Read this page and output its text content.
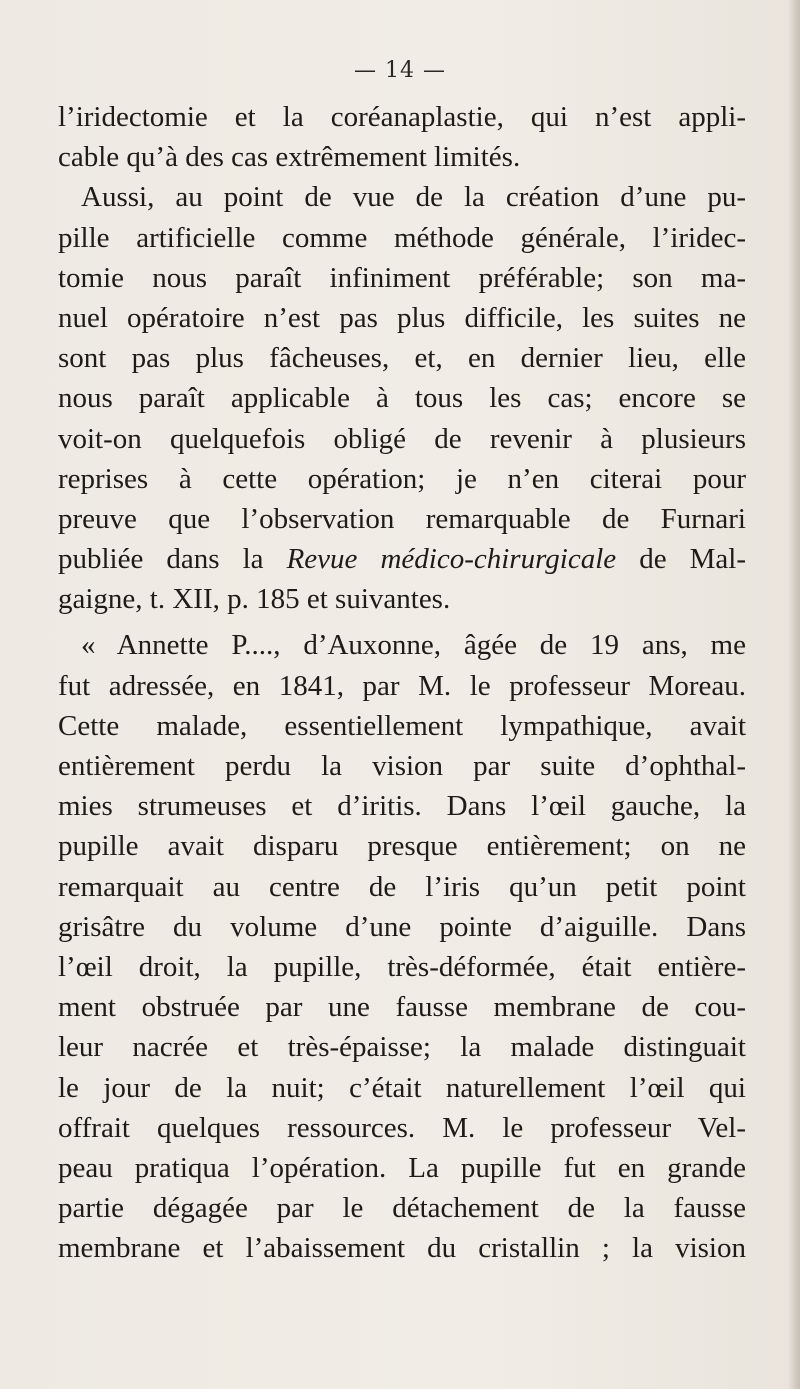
— 14 —
l’iridectomie et la coréanaplastie, qui n’est appli-
cable qu’à des cas extrêmement limités.
Aussi, au point de vue de la création d’une pu-
pille artificielle comme méthode générale, l’iridec-
tomie nous paraît infiniment préférable; son ma-
nuel opératoire n’est pas plus difficile, les suites ne
sont pas plus fâcheuses, et, en dernier lieu, elle
nous paraît applicable à tous les cas; encore se
voit-on quelquefois obligé de revenir à plusieurs
reprises à cette opération; je n’en citerai pour
preuve que l’observation remarquable de Furnari
publiée dans la Revue médico-chirurgicale de Mal-
gaigne, t. XII, p. 185 et suivantes.
« Annette P...., d’Auxonne, âgée de 19 ans, me
fut adressée, en 1841, par M. le professeur Moreau.
Cette malade, essentiellement lympathique, avait
entièrement perdu la vision par suite d’ophthal-
mies strumeuses et d’iritis. Dans l’œil gauche, la
pupille avait disparu presque entièrement; on ne
remarquait au centre de l’iris qu’un petit point
grisâtre du volume d’une pointe d’aiguille. Dans
l’œil droit, la pupille, très-déformée, était entière-
ment obstruée par une fausse membrane de cou-
leur nacrée et très-épaisse; la malade distinguait
le jour de la nuit; c’était naturellement l’œil qui
offrait quelques ressources. M. le professeur Vel-
peau pratiqua l’opération. La pupille fut en grande
partie dégagée par le détachement de la fausse
membrane et l’abaissement du cristallin ; la vision
